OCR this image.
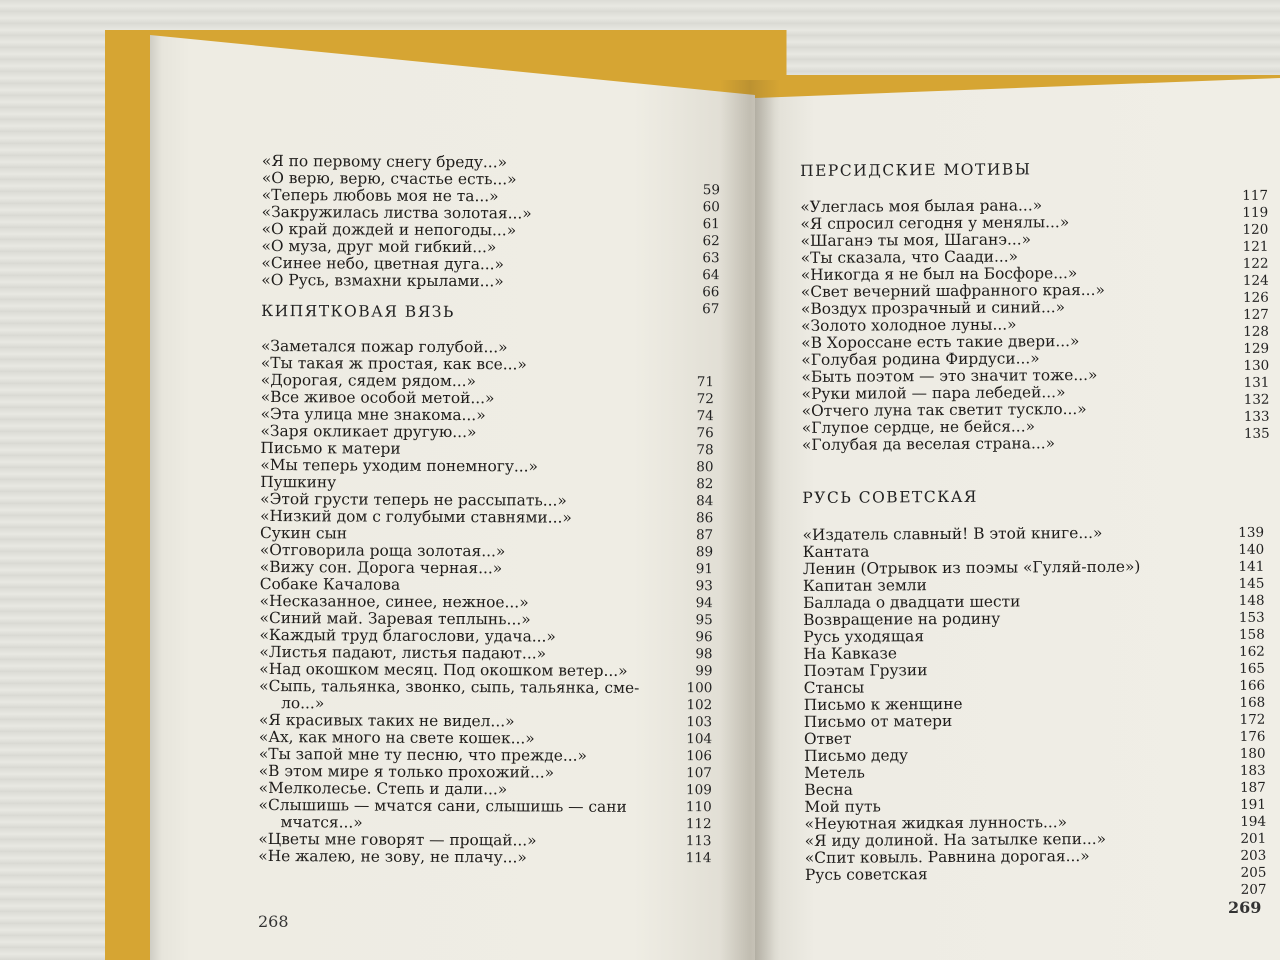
«Я по первому снегу бреду...»
«О верю, верю, счастье есть...»
«Теперь любовь моя не та...»
«Закружилась листва золотая...»
«О край дождей и непогоды...»
«О муза, друг мой гибкий...»
«Синее небо, цветная дуга...»
«О Русь, взмахни крылами...»
КИПЯТКОВАЯ ВЯЗЬ
«Заметался пожар голубой...»
«Ты такая ж простая, как все...»
«Дорогая, сядем рядом...»
«Все живое особой метой...»
«Эта улица мне знакома...»
«Заря окликает другую...»
Письмо к матери
«Мы теперь уходим понемногу...»
Пушкину
«Этой грусти теперь не рассыпать...»
«Низкий дом с голубыми ставнями...»
Сукин сын
«Отговорила роща золотая...»
«Вижу сон. Дорога черная...»
Собаке Качалова
«Несказанное, синее, нежное...»
«Синий май. Заревая теплынь...»
«Каждый труд благослови, удача...»
«Листья падают, листья падают...»
«Над окошком месяц. Под окошком ветер...»
«Сыпь, тальянка, звонко, сыпь, тальянка, сме-
ло...»
«Я красивых таких не видел...»
«Ах, как много на свете кошек...»
«Ты запой мне ту песню, что прежде...»
«В этом мире я только прохожий...»
«Мелколесье. Степь и дали...»
«Слышишь — мчатся сани, слышишь — сани
мчатся...»
«Цветы мне говорят — прощай...»
«Не жалею, не зову, не плачу...»
59
60
61
62
63
64
66
67
71
72
74
76
78
80
82
84
86
87
89
91
93
94
95
96
98
99
100
102
103
104
106
107
109
110
112
113
114
268
ПЕРСИДСКИЕ МОТИВЫ
«Улеглась моя былая рана...»
«Я спросил сегодня у менялы...»
«Шаганэ ты моя, Шаганэ...»
«Ты сказала, что Саади...»
«Никогда я не был на Босфоре...»
«Свет вечерний шафранного края...»
«Воздух прозрачный и синий...»
«Золото холодное луны...»
«В Хороссане есть такие двери...»
«Голубая родина Фирдуси...»
«Быть поэтом — это значит тоже...»
«Руки милой — пара лебедей...»
«Отчего луна так светит тускло...»
«Глупое сердце, не бейся...»
«Голубая да веселая страна...»
РУСЬ СОВЕТСКАЯ
«Издатель славный! В этой книге...»
Кантата
Ленин (Отрывок из поэмы «Гуляй-поле»)
Капитан земли
Баллада о двадцати шести
Возвращение на родину
Русь уходящая
На Кавказе
Поэтам Грузии
Стансы
Письмо к женщине
Письмо от матери
Ответ
Письмо деду
Метель
Весна
Мой путь
«Неуютная жидкая лунность...»
«Я иду долиной. На затылке кепи...»
«Спит ковыль. Равнина дорогая...»
Русь советская
117
119
120
121
122
124
126
127
128
129
130
131
132
133
135
139
140
141
145
148
153
158
162
165
166
168
172
176
180
183
187
191
194
201
203
205
207
269
